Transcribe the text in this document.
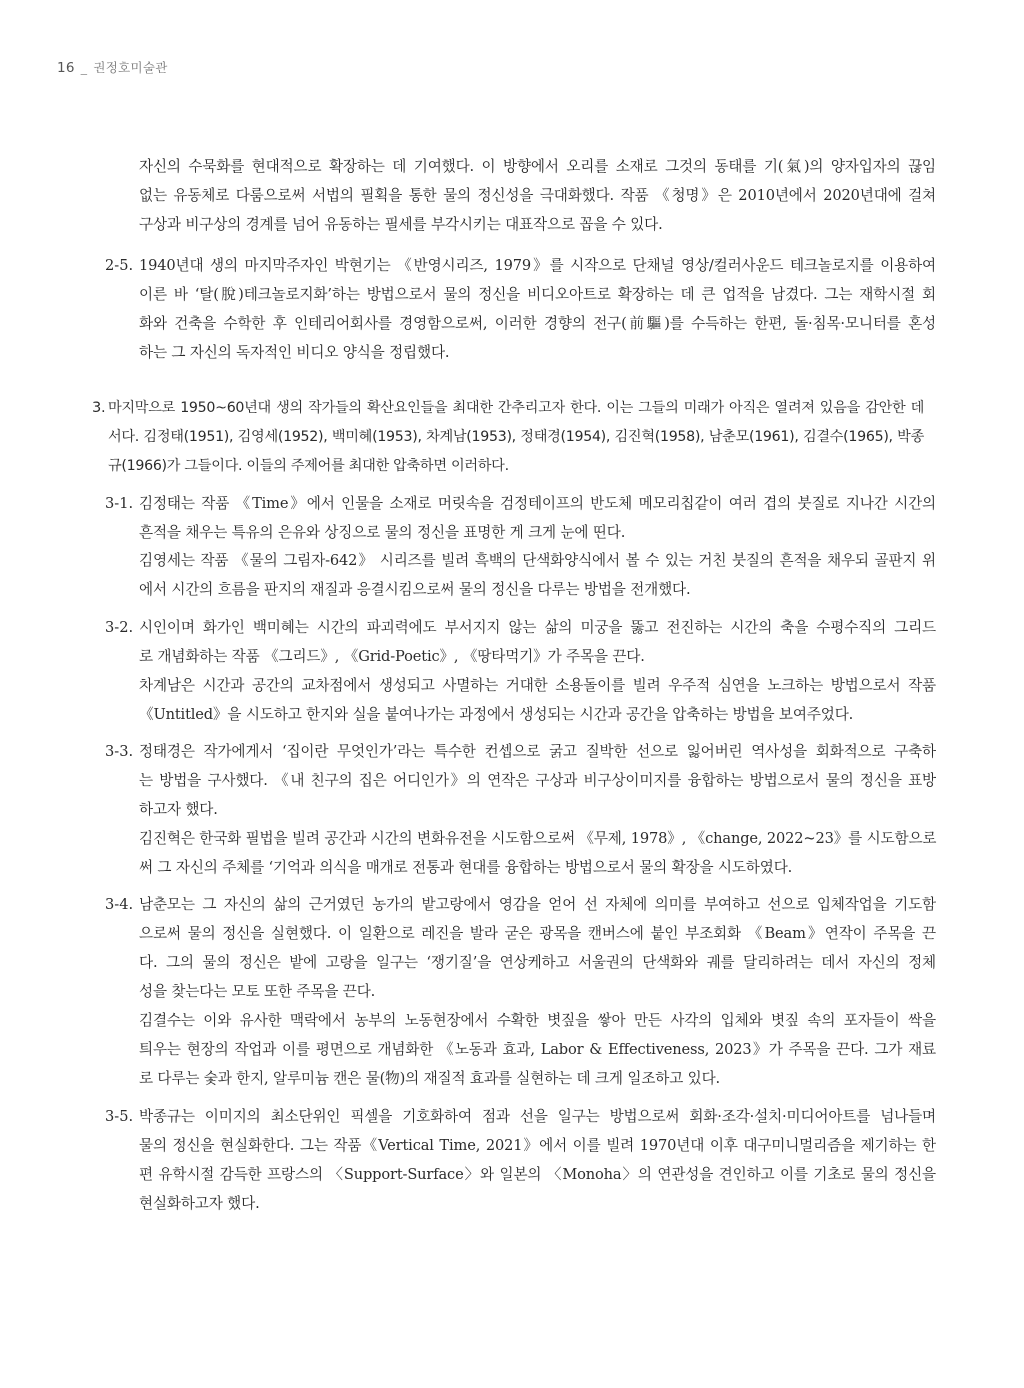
16 _ 권정호미술관
자신의 수묵화를 현대적으로 확장하는 데 기여했다. 이 방향에서 오리를 소재로 그것의 동태를 기(氣)의 양자입자의 끊임
없는 유동체로 다룸으로써 서법의 필획을 통한 물의 정신성을 극대화했다. 작품 《청명》은 2010년에서 2020년대에 걸쳐
구상과 비구상의 경계를 넘어 유동하는 필세를 부각시키는 대표작으로 꼽을 수 있다.
2-5. 1940년대 생의 마지막주자인 박현기는 《반영시리즈, 1979》를 시작으로 단채널 영상/컬러사운드 테크놀로지를 이용하여
이른 바 ‘탈(脫)테크놀로지화’하는 방법으로서 물의 정신을 비디오아트로 확장하는 데 큰 업적을 남겼다. 그는 재학시절 회
화와 건축을 수학한 후 인테리어회사를 경영함으로써, 이러한 경향의 전구(前驅)를 수득하는 한편, 돌·침목·모니터를 혼성
하는 그 자신의 독자적인 비디오 양식을 정립했다.
3. 마지막으로 1950~60년대 생의 작가들의 확산요인들을 최대한 간추리고자 한다. 이는 그들의 미래가 아직은 열려져 있음을 감안한 데
서다. 김정태(1951), 김영세(1952), 백미혜(1953), 차계남(1953), 정태경(1954), 김진혁(1958), 남춘모(1961), 김결수(1965), 박종
규(1966)가 그들이다. 이들의 주제어를 최대한 압축하면 이러하다.
3-1. 김정태는 작품 《Time》에서 인물을 소재로 머릿속을 검정테이프의 반도체 메모리칩같이 여러 겹의 붓질로 지나간 시간의
흔적을 채우는 특유의 은유와 상징으로 물의 정신을 표명한 게 크게 눈에 띤다.
김영세는 작품 《물의 그림자-642》 시리즈를 빌려 흑백의 단색화양식에서 볼 수 있는 거친 붓질의 흔적을 채우되 골판지 위
에서 시간의 흐름을 판지의 재질과 응결시킴으로써 물의 정신을 다루는 방법을 전개했다.
3-2. 시인이며 화가인 백미혜는 시간의 파괴력에도 부서지지 않는 삶의 미궁을 뚫고 전진하는 시간의 축을 수평수직의 그리드
로 개념화하는 작품 《그리드》, 《Grid-Poetic》, 《땅타먹기》가 주목을 끈다.
차계남은 시간과 공간의 교차점에서 생성되고 사멸하는 거대한 소용돌이를 빌려 우주적 심연을 노크하는 방법으로서 작품
《Untitled》을 시도하고 한지와 실을 붙여나가는 과정에서 생성되는 시간과 공간을 압축하는 방법을 보여주었다.
3-3. 정태경은 작가에게서 ‘집이란 무엇인가’라는 특수한 컨셉으로 굵고 질박한 선으로 잃어버린 역사성을 회화적으로 구축하
는 방법을 구사했다. 《내 친구의 집은 어디인가》의 연작은 구상과 비구상이미지를 융합하는 방법으로서 물의 정신을 표방
하고자 했다.
김진혁은 한국화 필법을 빌려 공간과 시간의 변화유전을 시도함으로써 《무제, 1978》, 《change, 2022~23》를 시도함으로
써 그 자신의 주체를 ‘기억과 의식을 매개로 전통과 현대를 융합하는 방법으로서 물의 확장을 시도하였다.
3-4. 남춘모는 그 자신의 삶의 근거였던 농가의 밭고랑에서 영감을 얻어 선 자체에 의미를 부여하고 선으로 입체작업을 기도함
으로써 물의 정신을 실현했다. 이 일환으로 레진을 발라 굳은 광목을 캔버스에 붙인 부조회화 《Beam》연작이 주목을 끈
다. 그의 물의 정신은 밭에 고랑을 일구는 ‘쟁기질’을 연상케하고 서울권의 단색화와 궤를 달리하려는 데서 자신의 정체
성을 찾는다는 모토 또한 주목을 끈다.
김결수는 이와 유사한 맥락에서 농부의 노동현장에서 수확한 볏짚을 쌓아 만든 사각의 입체와 볏짚 속의 포자들이 싹을
틔우는 현장의 작업과 이를 평면으로 개념화한 《노동과 효과, Labor & Effectiveness, 2023》가 주목을 끈다. 그가 재료
로 다루는 숯과 한지, 알루미늄 캔은 물(物)의 재질적 효과를 실현하는 데 크게 일조하고 있다.
3-5. 박종규는 이미지의 최소단위인 픽셀을 기호화하여 점과 선을 일구는 방법으로써 회화·조각·설치·미디어아트를 넘나들며
물의 정신을 현실화한다. 그는 작품《Vertical Time, 2021》에서 이를 빌려 1970년대 이후 대구미니멀리즘을 제기하는 한
편 유학시절 감득한 프랑스의 〈Support-Surface〉와 일본의 〈Monoha〉의 연관성을 견인하고 이를 기초로 물의 정신을
현실화하고자 했다.
